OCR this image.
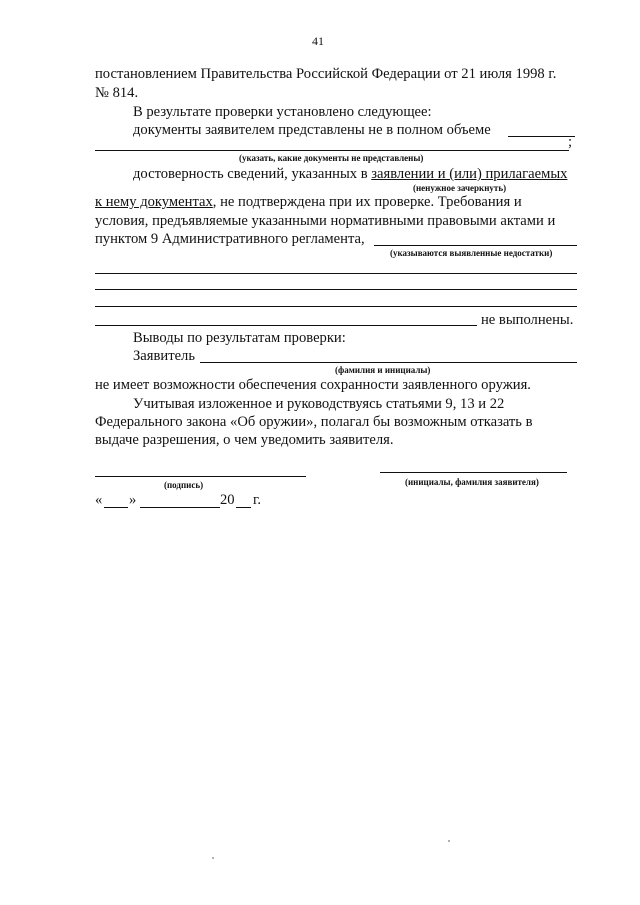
41
постановлением Правительства Российской Федерации от 21 июля 1998 г.
№ 814.
В результате проверки установлено следующее:
документы заявителем представлены не в полном объеме
;
(указать, какие документы не представлены)
достоверность сведений, указанных в заявлении и (или) прилагаемых
(ненужное зачеркнуть)
к нему документах, не подтверждена при их проверке. Требования и
условия, предъявляемые указанными нормативными правовыми актами и
пунктом 9 Административного регламента,
(указываются выявленные недостатки)
не выполнены.
Выводы по результатам проверки:
Заявитель
(фамилия и инициалы)
не имеет возможности обеспечения сохранности заявленного оружия.
Учитывая изложенное и руководствуясь статьями 9, 13 и 22
Федерального закона «Об оружии», полагал бы возможным отказать в
выдаче разрешения, о чем уведомить заявителя.
(подпись)	(инициалы, фамилия заявителя)
« »	20 г.
